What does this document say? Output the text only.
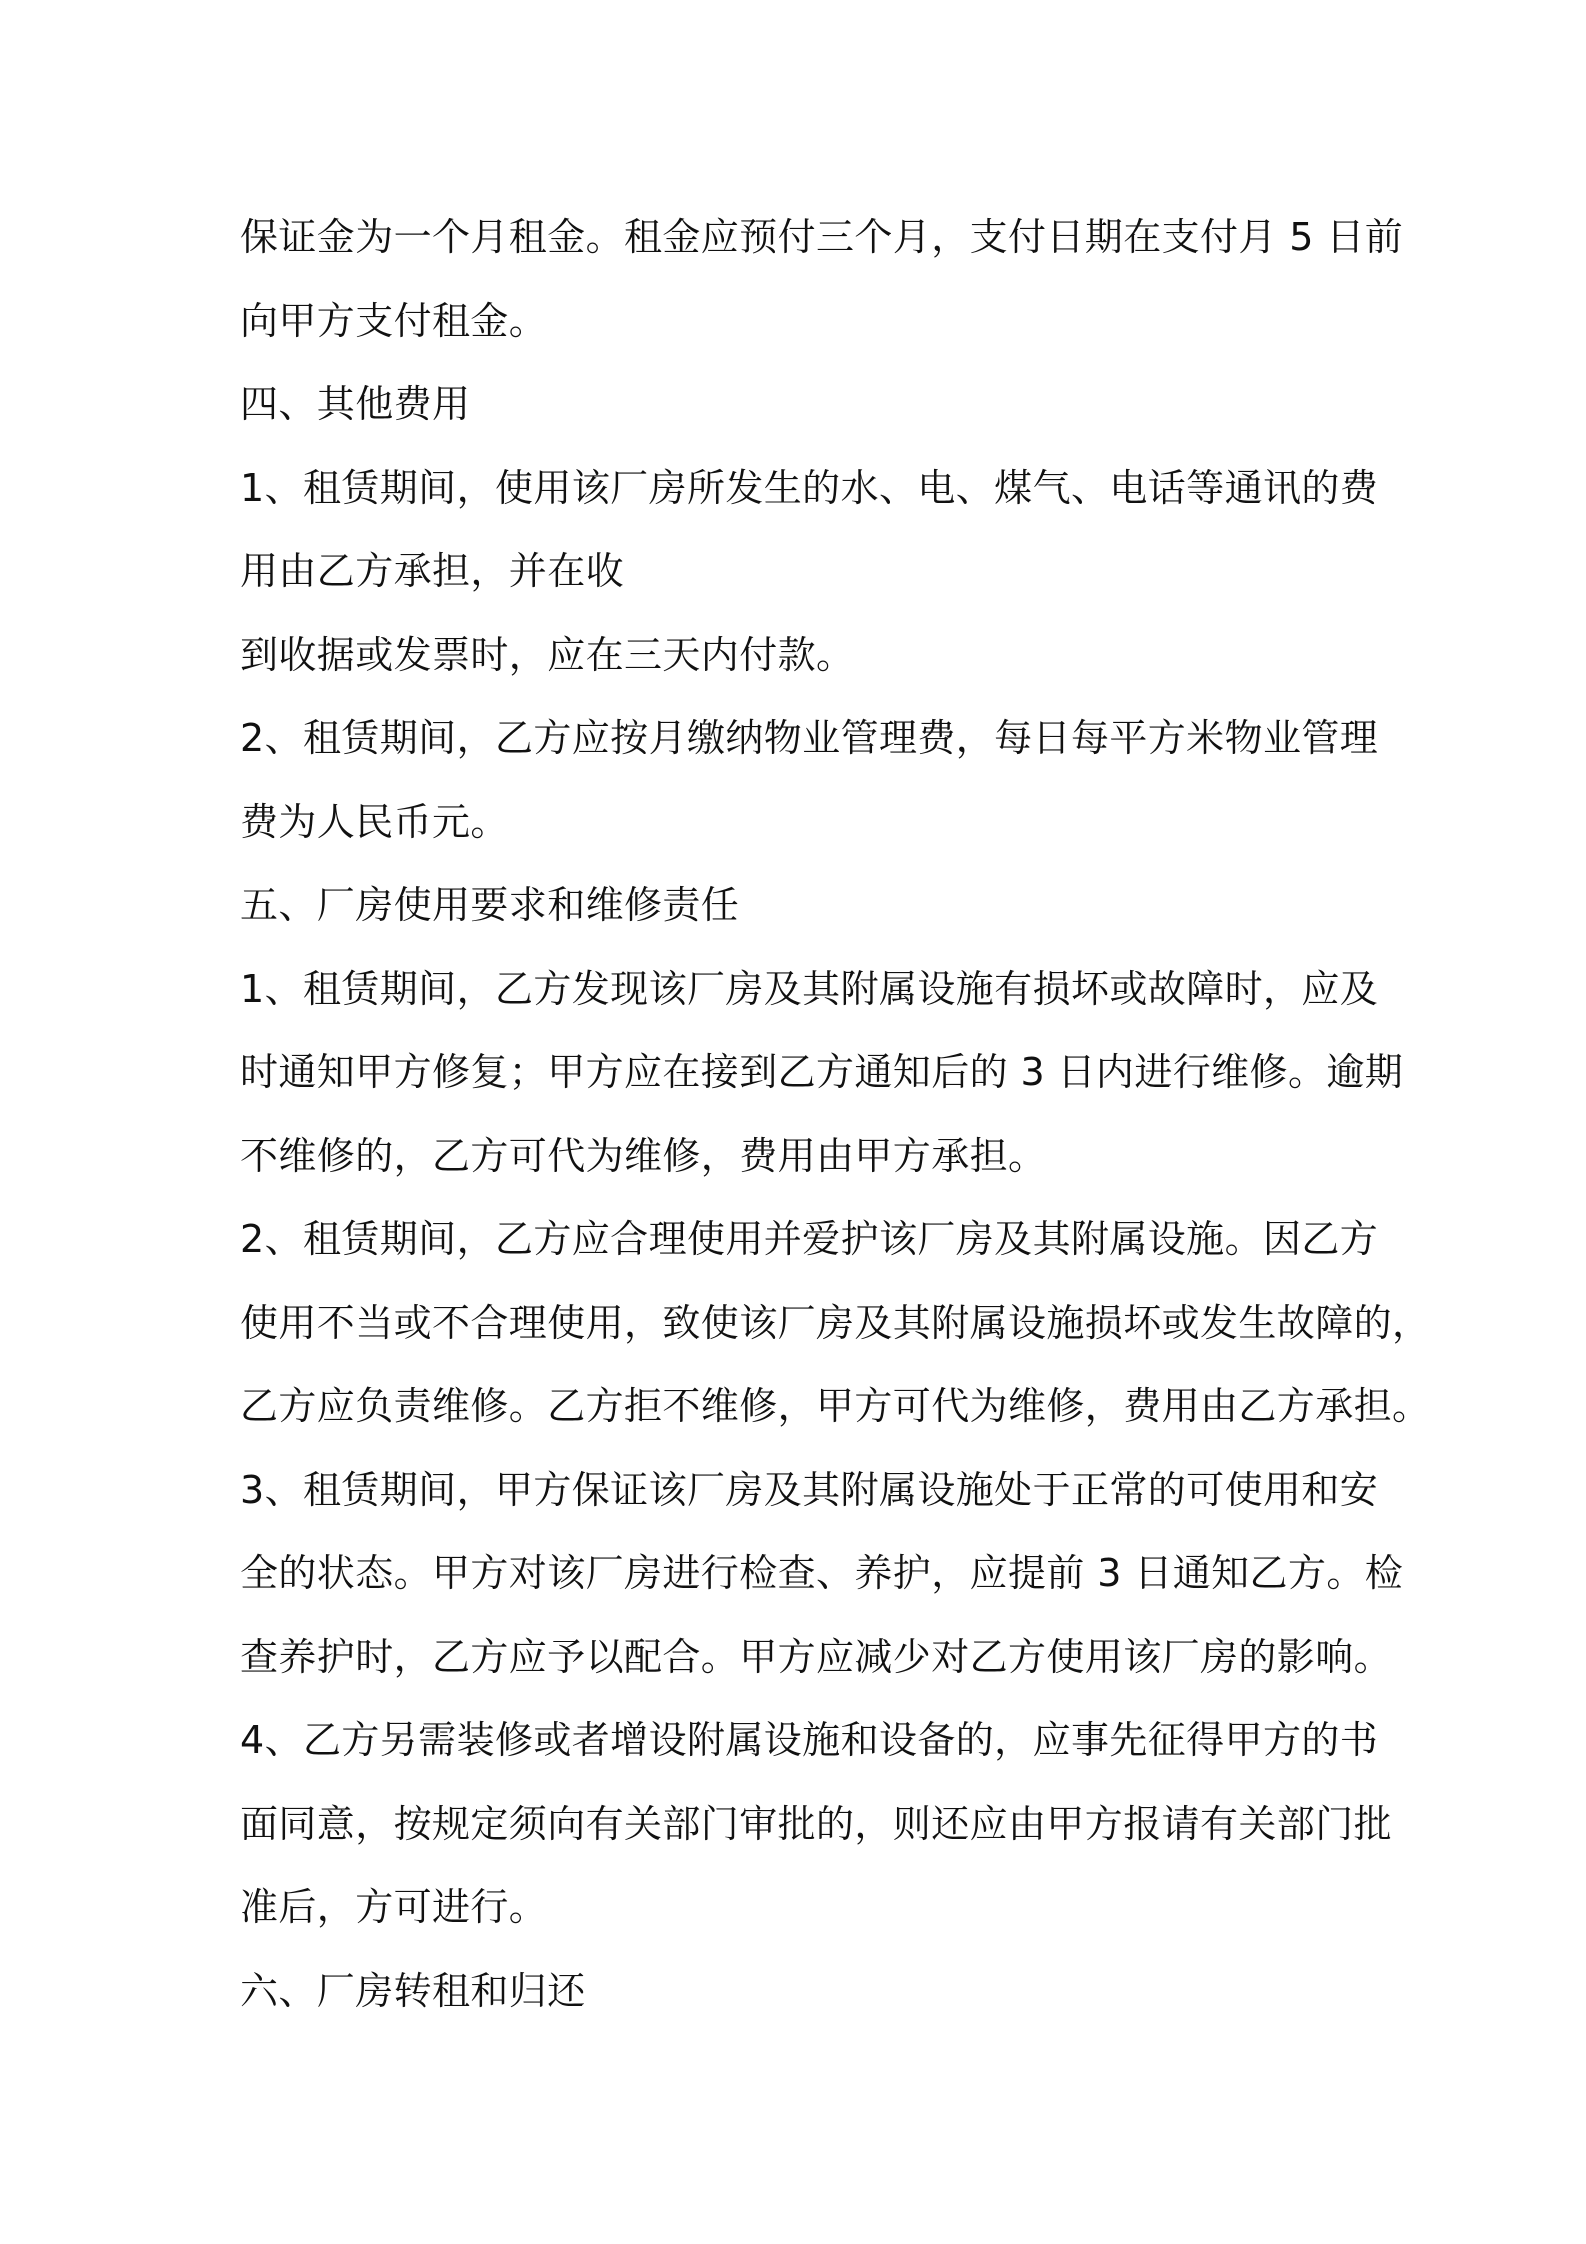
保证金为一个月租金。租金应预付三个月，支付日期在支付月 5 日前
向甲方支付租金。
四、其他费用
1、租赁期间，使用该厂房所发生的水、电、煤气、电话等通讯的费
用由乙方承担，并在收
到收据或发票时，应在三天内付款。
2、租赁期间，乙方应按月缴纳物业管理费，每日每平方米物业管理
费为人民币元。
五、厂房使用要求和维修责任
1、租赁期间，乙方发现该厂房及其附属设施有损坏或故障时，应及
时通知甲方修复；甲方应在接到乙方通知后的 3 日内进行维修。逾期
不维修的，乙方可代为维修，费用由甲方承担。
2、租赁期间，乙方应合理使用并爱护该厂房及其附属设施。因乙方
使用不当或不合理使用，致使该厂房及其附属设施损坏或发生故障的，
乙方应负责维修。乙方拒不维修，甲方可代为维修，费用由乙方承担。
3、租赁期间，甲方保证该厂房及其附属设施处于正常的可使用和安
全的状态。甲方对该厂房进行检查、养护，应提前 3 日通知乙方。检
查养护时，乙方应予以配合。甲方应减少对乙方使用该厂房的影响。
4、乙方另需装修或者增设附属设施和设备的，应事先征得甲方的书
面同意，按规定须向有关部门审批的，则还应由甲方报请有关部门批
准后，方可进行。
六、厂房转租和归还
